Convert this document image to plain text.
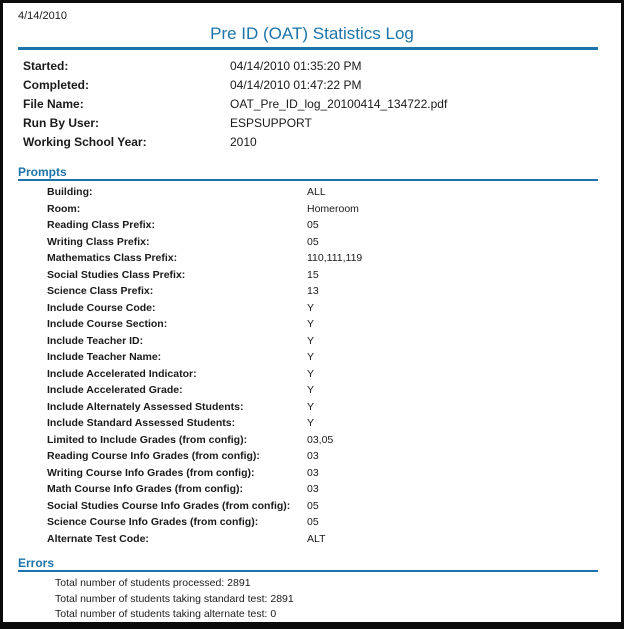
4/14/2010
Pre ID (OAT) Statistics Log
Started:	04/14/2010 01:35:20 PM
Completed:	04/14/2010 01:47:22 PM
File Name:	OAT_Pre_ID_log_20100414_134722.pdf
Run By User:	ESPSUPPORT
Working School Year:	2010
Prompts
Building:	ALL
Room:	Homeroom
Reading Class Prefix:	05
Writing Class Prefix:	05
Mathematics Class Prefix:	110,111,119
Social Studies Class Prefix:	15
Science Class Prefix:	13
Include Course Code:	Y
Include Course Section:	Y
Include Teacher ID:	Y
Include Teacher Name:	Y
Include Accelerated Indicator:	Y
Include Accelerated Grade:	Y
Include Alternately Assessed Students:	Y
Include Standard Assessed Students:	Y
Limited to Include Grades (from config):	03,05
Reading Course Info Grades (from config):	03
Writing Course Info Grades (from config):	03
Math Course Info Grades (from config):	03
Social Studies Course Info Grades (from config):	05
Science Course Info Grades (from config):	05
Alternate Test Code:	ALT
Errors
Total number of students processed: 2891
Total number of students taking standard test: 2891
Total number of students taking alternate test: 0
